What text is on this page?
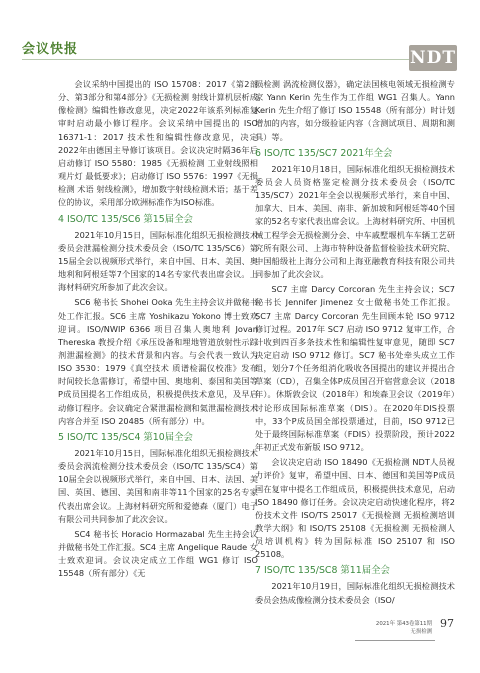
会议快报	NDT

会议采纳中国提出的 ISO 15708：2017《第2部分、第3部分和第4部分》《无损检测 射线计算机层析成像检测》编辑性修改意见，决定2022年该系列标准复审时启动最小修订程序。会议采纳中国提出的 ISO 16371-1：2017 技术性和编辑性修改意见，决定2022年由德国主导修订该项目。会议决定时隔36年后启动修订 ISO 5580：1985《无损检测 工业射线照相观片灯 最低要求》；启动修订 ISO 5576：1997《无损检测 术语 射线检测》，增加数字射线检测术语；基于差位的协议，采用部分欧洲标准作为ISO标准。

4 ISO/TC 135/SC6 第15届全会

2021年10月15日，国际标准化组织无损检测技术委员会泄漏检测分技术委员会（ISO/TC 135/SC6）第15届全会以视频形式举行，来自中国、日本、美国、奥地利和阿根廷等7个国家的14名专家代表出席会议。上海材料研究所参加了此次会议。

SC6 秘书长 Shohei Ooka 先生主持会议并做秘书处工作汇报。SC6 主席 Yoshikazu Yokono 博士致欢迎词。ISO/NWIP 6366 项目召集人奥地利 Jovan Thereska 教授介绍《承压设备和埋地管道放射性示踪剂泄漏检测》的技术背景和内容。与会代表一致认为 ISO 3530：1979《真空技术 质谱检漏仪校准》发布时间较长急需修订，希望中国、奥地利、泰国和美国等P成员国提名工作组成员，积极提供技术意见，及早启动修订程序。会议确定合紧泄漏检测和氦泄漏检测技术内容合并至 ISO 20485（所有部分）中。

5 ISO/TC 135/SC4 第10届全会

2021年10月15日，国际标准化组织无损检测技术委员会涡流检测分技术委员会（ISO/TC 135/SC4）第10届全会以视频形式举行，来自中国、日本、法国、美国、英国、德国、美国和南非等11个国家的25名专家代表出席会议。上海材料研究所和爱德森（厦门）电子有限公司共同参加了此次会议。

SC4 秘书长 Horacio Hormazabal 先生主持会议并做秘书处工作汇报。SC4 主席 Angelique Raude 女士致欢迎词。会议决定成立工作组 WG1 修订 ISO 15548（所有部分）《无

损检测 涡流检测仪器》，确定法国核电领域无损检测专家 Yann Kerin 先生作为工作组 WG1 召集人。Yann Kerin 先生介绍了修订 ISO 15548（所有部分）时计划增加的内容，如分级验证内容（含测试项目、周期和测具）等。

6 ISO/TC 135/SC7 2021年全会

2021年10月18日，国际标准化组织无损检测技术委员会人员资格鉴定检测分技术委员会（ISO/TC 135/SC7）2021年全会以视频形式举行，来自中国、加拿大、日本、美国、南非、新加坡和阿根廷等40个国家的52名专家代表出席会议。上海材料研究所、中国机械工程学会无损检测分会、中车戚墅堰机车车辆工艺研究所有限公司、上海市特种设备监督检验技术研究院、中国船级社上海分公司和上海亚融教育科技有限公司共同参加了此次会议。

SC7 主席 Darcy Corcoran 先生主持会议；SC7 秘书长 Jennifer Jimenez 女士做秘书处工作汇报。SC7 主席 Darcy Corcoran 先生回顾本轮 ISO 9712 修订过程。2017年 SC7 启动 ISO 9712 复审工作，合计收到四百多条技术性和编辑性复审意见，随即 SC7 决定启动 ISO 9712 修订。SC7 秘书处牵头成立工作组，划分7个任务组消化吸收各国提出的建议并提出合草案（CD），召集全体P成员国召开宿营意会议（2018年）。休斯敦会议（2018年）和埃森卫会议（2019年）讨论形成国际标准草案（DIS）。在2020年DIS投票中，33个P成员国全部投票通过，目前，ISO 9712已处于最终国际标准草案（FDIS）投票阶段，预计2022年初正式发布新版 ISO 9712。

会议决定启动 ISO 18490《无损检测 NDT人员视力评价》复审，希望中国、日本、德国和美国等P成员国在复审中提名工作组成员，积极提供技术意见，启动 ISO 18490 修订任务。会议决定启动快速化程序，将2份技术文件 ISO/TS 25017《无损检测 无损检测培训教学大纲》和 ISO/TS 25108《无损检测 无损检测人员培训机构》转为国际标准 ISO 25107 和 ISO 25108。

7 ISO/TC 135/SC8 第11届全会

2021年10月19日，国际标准化组织无损检测技术委员会热成像检测分技术委员会（ISO/

2021年 第43卷第11期
无损检测
97
